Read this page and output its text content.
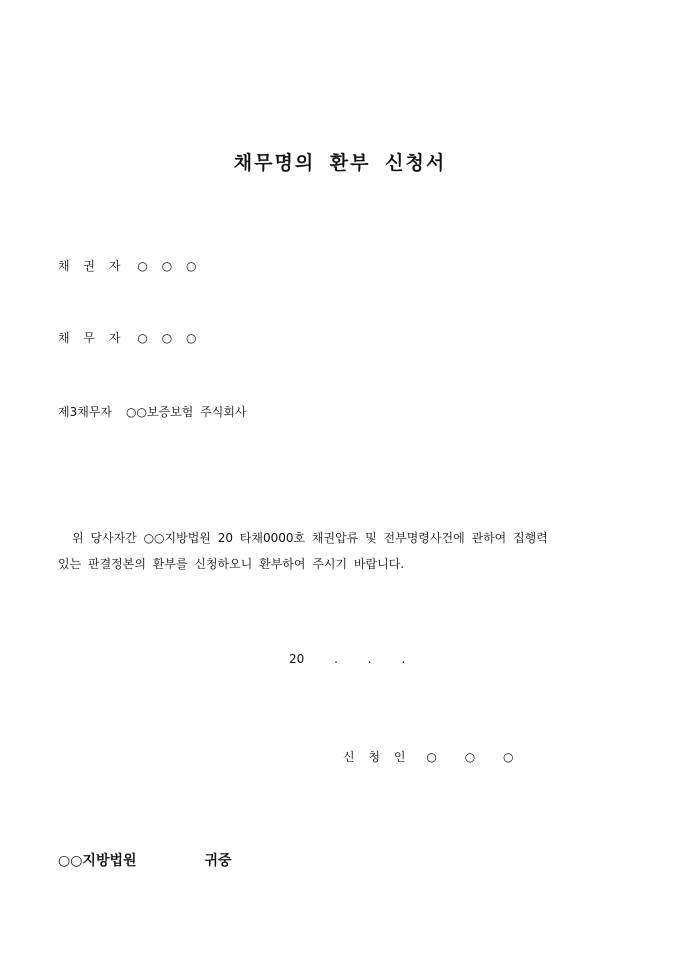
채무명의 환부 신청서
채 권 자 ○ ○ ○
채 무 자 ○ ○ ○
제3채무자 ○○보증보험 주식회사
위 당사자간 ○○지방법원 20 타채0000호 채권압류 및 전부명령사건에 관하여 집행력
있는 판결정본의 환부를 신청하오니 환부하여 주시기 바랍니다.
20 . . .
신 청 인 ○ ○ ○
○○지방법원	귀중
